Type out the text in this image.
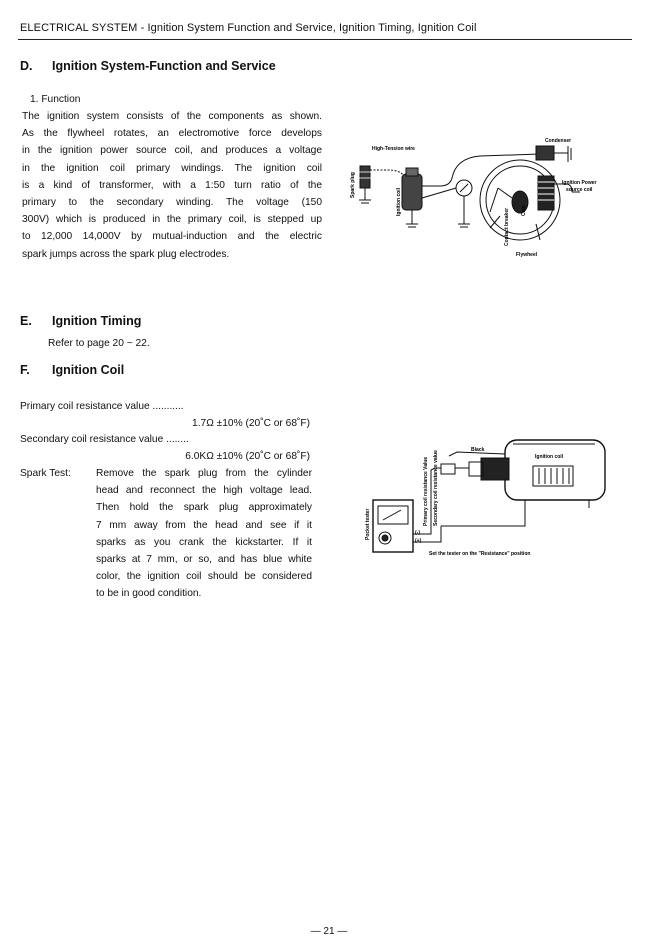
ELECTRICAL SYSTEM - Ignition System Function and Service, Ignition Timing, Ignition Coil
D. Ignition System-Function and Service
1. Function
The ignition system consists of the components as shown.
As the flywheel rotates, an electromotive force develops
in the ignition power source coil, and produces a voltage
in the ignition coil primary windings. The ignition coil
is a kind of transformer, with a 1:50 turn ratio of the
primary to the secondary winding. The voltage (150
300V) which is produced in the primary coil, is stepped up
to 12,000 14,000V by mutual-induction and the electric
spark jumps across the spark plug electrodes.
High-Tension wire
Condenser
Ignition Power
source coil
Flywheel
Spark plug
Ignition coil
Contact breaker Cam
E. Ignition Timing
Refer to page 20 ~ 22.
F. Ignition Coil
Primary coil resistance value ...........
1.7Ω ±10% (20˚C or 68˚F)
Secondary coil resistance value ........
6.0KΩ ±10% (20˚C or 68˚F)
Spark Test: Remove the spark plug from the cylinder
head and reconnect the high voltage lead.
Then hold the spark plug approximately
7 mm away from the head and see if it
sparks as you crank the kickstarter. If it
sparks at 7 mm, or so, and has blue white
color, the ignition coil should be considered
to be in good condition.
Black
Ignition coil
(-)
(+)
Set the tester on the "Resistance" position
Primary coil resistance Value Secondary coil resistance value
Pocket tester
— 21 —
